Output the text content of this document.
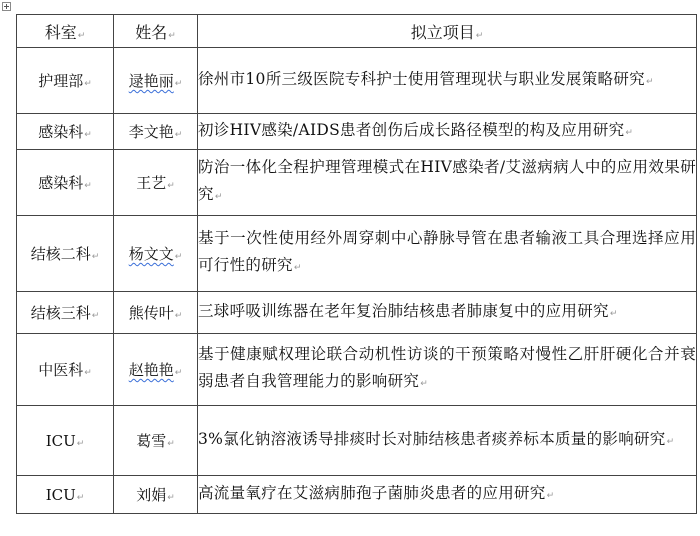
科室↵	姓名↵	拟立项目↵
护理部↵	逯艳丽↵	徐州市10所三级医院专科护士使用管理现状与职业发展策略研究↵
感染科↵	李文艳↵	初诊HIV感染/AIDS患者创伤后成长路径模型的构及应用研究↵
感染科↵	王艺↵	防治一体化全程护理管理模式在HIV感染者/艾滋病病人中的应用效果研究↵
结核二科↵	杨文文↵	基于一次性使用经外周穿刺中心静脉导管在患者输液工具合理选择应用可行性的研究↵
结核三科↵	熊传叶↵	三球呼吸训练器在老年复治肺结核患者肺康复中的应用研究↵
中医科↵	赵艳艳↵	基于健康赋权理论联合动机性访谈的干预策略对慢性乙肝肝硬化合并衰弱患者自我管理能力的影响研究↵
ICU↵	葛雪↵	3%氯化钠溶液诱导排痰时长对肺结核患者痰养标本质量的影响研究↵
ICU↵	刘娟↵	高流量氧疗在艾滋病肺孢子菌肺炎患者的应用研究↵
